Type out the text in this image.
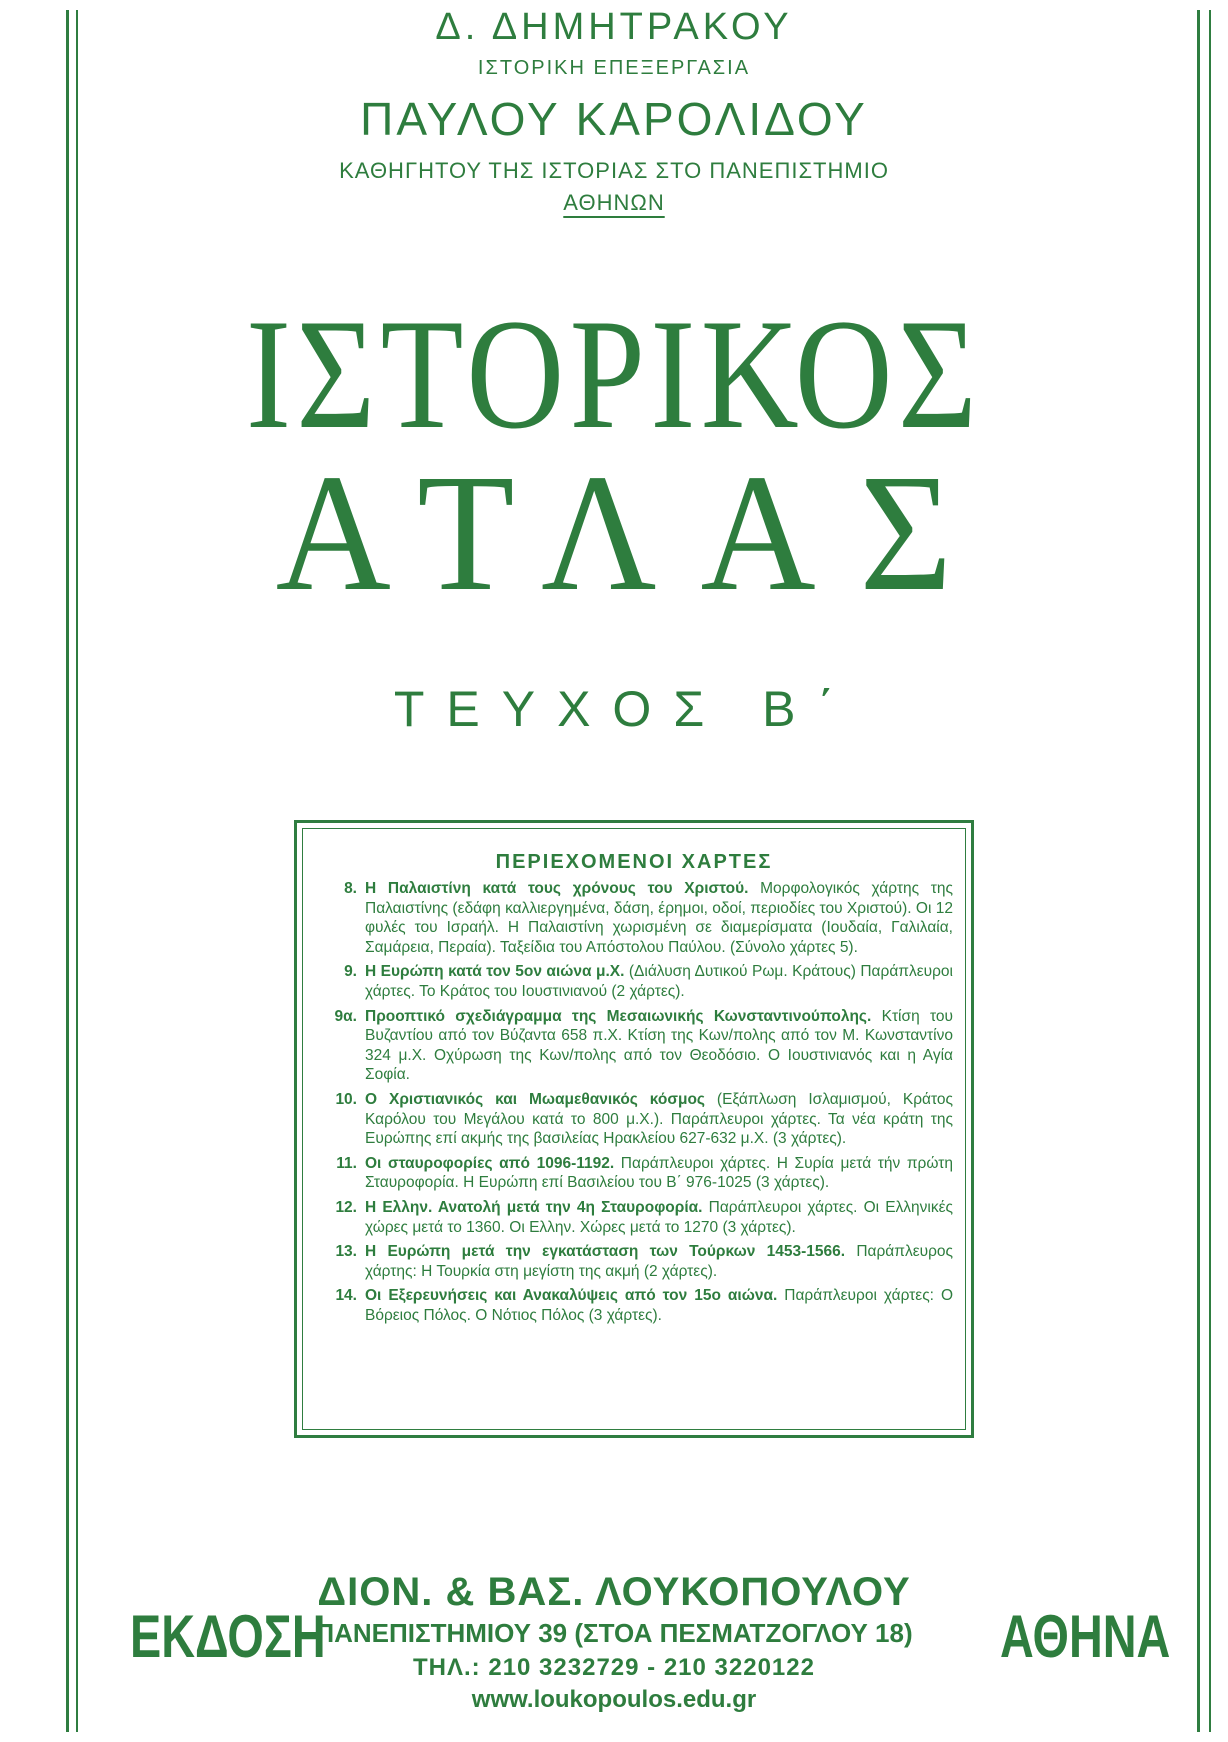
Δ. ΔΗΜΗΤΡΑΚΟΥ
ΙΣΤΟΡΙΚΗ ΕΠΕΞΕΡΓΑΣΙΑ
ΠΑΥΛΟΥ ΚΑΡΟΛΙΔΟΥ
ΚΑΘΗΓΗΤΟΥ ΤΗΣ ΙΣΤΟΡΙΑΣ ΣΤΟ ΠΑΝΕΠΙΣΤΗΜΙΟ
ΑΘΗΝΩΝ
ΙΣΤΟΡΙΚΟΣ
ΑΤΛΑΣ
ΤΕΥΧΟΣ Β΄
ΠΕΡΙΕΧΟΜΕΝΟΙ ΧΑΡΤΕΣ
8. Η Παλαιστίνη κατά τους χρόνους του Χριστού. Μορφολογικός χάρτης της Παλαιστίνης (εδάφη καλλιεργημένα, δάση, έρημοι, οδοί, περιοδίες του Χριστού). Οι 12 φυλές του Ισραήλ. Η Παλαιστίνη χωρισμένη σε διαμερίσματα (Ιουδαία, Γαλιλαία, Σαμάρεια, Περαία). Ταξείδια του Απόστολου Παύλου. (Σύνολο χάρτες 5).
9. Η Ευρώπη κατά τον 5ον αιώνα μ.Χ. (Διάλυση Δυτικού Ρωμ. Κράτους) Παράπλευροι χάρτες. Το Κράτος του Ιουστινιανού (2 χάρτες).
9α. Προοπτικό σχεδιάγραμμα της Μεσαιωνικής Κωνσταντινούπολης. Κτίση του Βυζαντίου από τον Βύζαντα 658 π.Χ. Κτίση της Κων/πολης από τον Μ. Κωνσταντίνο 324 μ.Χ. Οχύρωση της Κων/πολης από τον Θεοδόσιο. Ο Ιουστινιανός και η Αγία Σοφία.
10. Ο Χριστιανικός και Μωαμεθανικός κόσμος (Εξάπλωση Ισλαμισμού, Κράτος Καρόλου του Μεγάλου κατά το 800 μ.Χ.). Παράπλευροι χάρτες. Τα νέα κράτη της Ευρώπης επί ακμής της βασιλείας Ηρακλείου 627-632 μ.Χ. (3 χάρτες).
11. Οι σταυροφορίες από 1096-1192. Παράπλευροι χάρτες. Η Συρία μετά τήν πρώτη Σταυροφορία. Η Ευρώπη επί Βασιλείου του Β΄ 976-1025 (3 χάρτες).
12. Η Ελλην. Ανατολή μετά την 4η Σταυροφορία. Παράπλευροι χάρτες. Οι Ελληνικές χώρες μετά το 1360. Οι Ελλην. Χώρες μετά το 1270 (3 χάρτες).
13. Η Ευρώπη μετά την εγκατάσταση των Τούρκων 1453-1566. Παράπλευρος χάρτης: Η Τουρκία στη μεγίστη της ακμή (2 χάρτες).
14. Οι Εξερευνήσεις και Ανακαλύψεις από τον 15ο αιώνα. Παράπλευροι χάρτες: Ο Βόρειος Πόλος. Ο Νότιος Πόλος (3 χάρτες).
ΕΚΔΟΣΗ
ΔΙΟΝ. & ΒΑΣ. ΛΟΥΚΟΠΟΥΛΟΥ
ΠΑΝΕΠΙΣΤΗΜΙΟΥ 39 (ΣΤΟΑ ΠΕΣΜΑΤΖΟΓΛΟΥ 18)
ΤΗΛ.: 210 3232729 - 210 3220122
www.loukopoulos.edu.gr
ΑΘΗΝΑ
